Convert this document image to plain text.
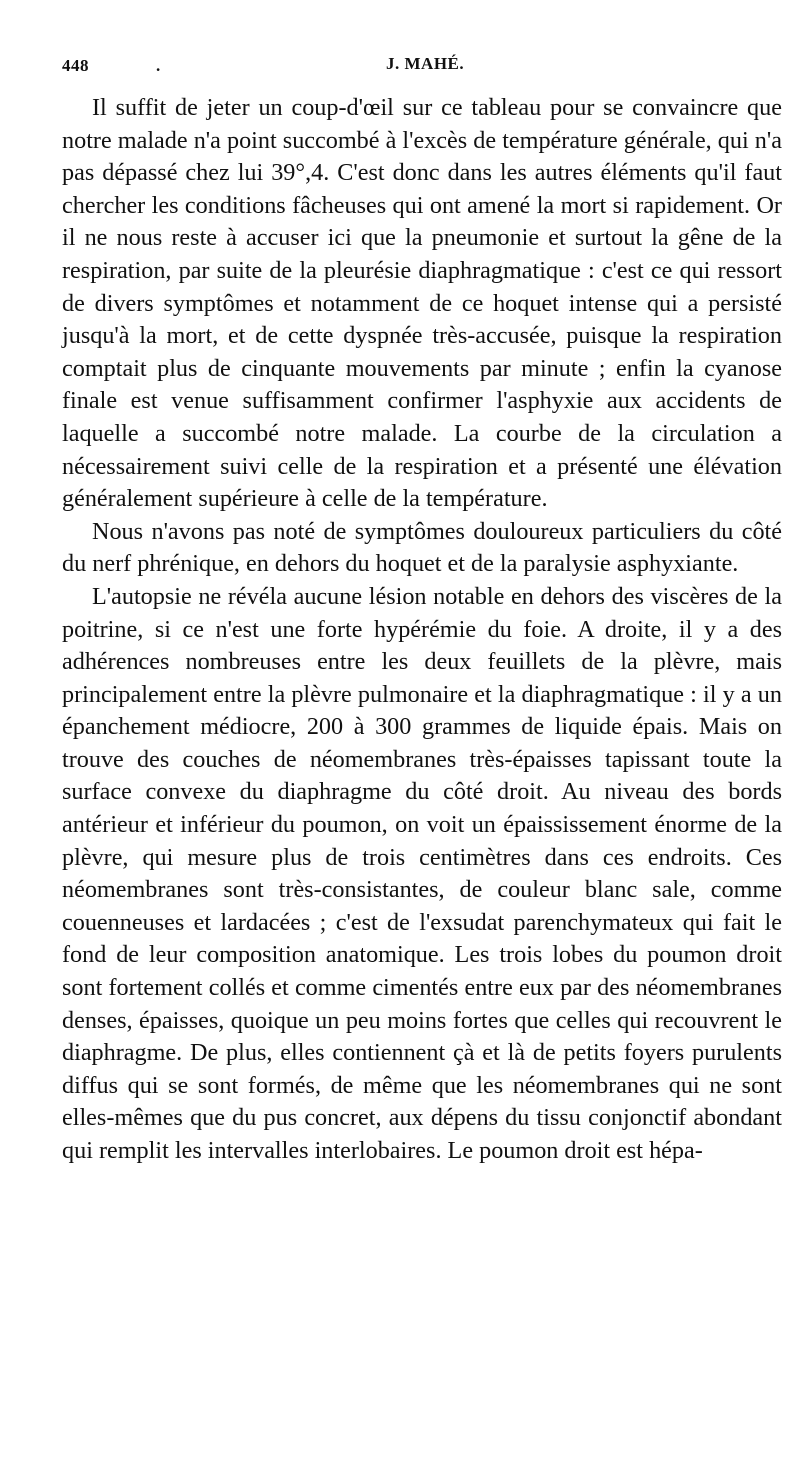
448	.	J. MAHÉ.

Il suffit de jeter un coup-d'œil sur ce tableau pour se convaincre que notre malade n'a point succombé à l'excès de température générale, qui n'a pas dépassé chez lui 39°,4. C'est donc dans les autres éléments qu'il faut chercher les conditions fâcheuses qui ont amené la mort si rapidement. Or il ne nous reste à accuser ici que la pneumonie et surtout la gêne de la respiration, par suite de la pleurésie diaphragmatique : c'est ce qui ressort de divers symptômes et notamment de ce hoquet intense qui a persisté jusqu'à la mort, et de cette dyspnée très-accusée, puisque la respiration comptait plus de cinquante mouvements par minute ; enfin la cyanose finale est venue suffisamment confirmer l'asphyxie aux accidents de laquelle a succombé notre malade. La courbe de la circulation a nécessairement suivi celle de la respiration et a présenté une élévation généralement supérieure à celle de la température.

Nous n'avons pas noté de symptômes douloureux particuliers du côté du nerf phrénique, en dehors du hoquet et de la paralysie asphyxiante.

L'autopsie ne révéla aucune lésion notable en dehors des viscères de la poitrine, si ce n'est une forte hypérémie du foie. A droite, il y a des adhérences nombreuses entre les deux feuillets de la plèvre, mais principalement entre la plèvre pulmonaire et la diaphragmatique : il y a un épanchement médiocre, 200 à 300 grammes de liquide épais. Mais on trouve des couches de néomembranes très-épaisses tapissant toute la surface convexe du diaphragme du côté droit. Au niveau des bords antérieur et inférieur du poumon, on voit un épaississement énorme de la plèvre, qui mesure plus de trois centimètres dans ces endroits. Ces néomembranes sont très-consistantes, de couleur blanc sale, comme couenneuses et lardacées ; c'est de l'exsudat parenchymateux qui fait le fond de leur composition anatomique. Les trois lobes du poumon droit sont fortement collés et comme cimentés entre eux par des néomembranes denses, épaisses, quoique un peu moins fortes que celles qui recouvrent le diaphragme. De plus, elles contiennent çà et là de petits foyers purulents diffus qui se sont formés, de même que les néomembranes qui ne sont elles-mêmes que du pus concret, aux dépens du tissu conjonctif abondant qui remplit les intervalles interlobaires. Le poumon droit est hépa-
